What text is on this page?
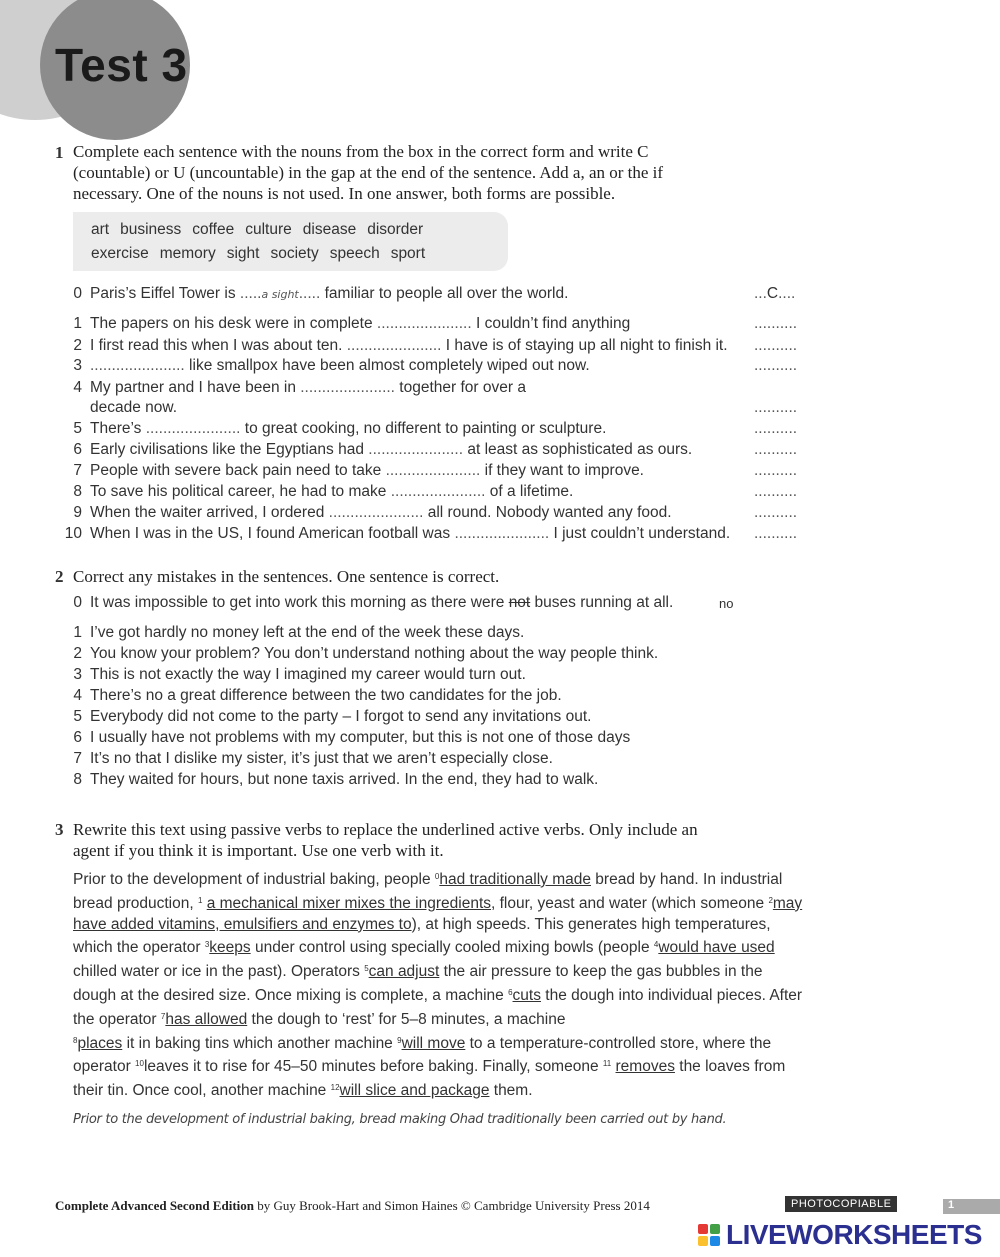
Test 3
1 Complete each sentence with the nouns from the box in the correct form and write C
(countable) or U (uncountable) in the gap at the end of the sentence. Add a, an or the if
necessary. One of the nouns is not used. In one answer, both forms are possible.
art business coffee culture disease disorder
exercise memory sight society speech sport
0 Paris’s Eiffel Tower is .....a sight..... familiar to people all over the world.	...C....
1 The papers on his desk were in complete ...................... I couldn’t find anything	..........
2 I first read this when I was about ten. ...................... I have is of staying up all night to finish it. ..........
3 ...................... like smallpox have been almost completely wiped out now.	..........
4 My partner and I have been in ...................... together for over a
decade now.	..........
5 There’s ...................... to great cooking, no different to painting or sculpture.	..........
6 Early civilisations like the Egyptians had ...................... at least as sophisticated as ours.	..........
7 People with severe back pain need to take ...................... if they want to improve.	..........
8 To save his political career, he had to make ...................... of a lifetime.	..........
9 When the waiter arrived, I ordered ...................... all round. Nobody wanted any food.	..........
10 When I was in the US, I found American football was ...................... I just couldn’t understand. ..........
2 Correct any mistakes in the sentences. One sentence is correct.
0 It was impossible to get into work this morning as there were not buses running at all.	no
1 I’ve got hardly no money left at the end of the week these days.
2 You know your problem? You don’t understand nothing about the way people think.
3 This is not exactly the way I imagined my career would turn out.
4 There’s no a great difference between the two candidates for the job.
5 Everybody did not come to the party – I forgot to send any invitations out.
6 I usually have not problems with my computer, but this is not one of those days
7 It’s no that I dislike my sister, it’s just that we aren’t especially close.
8 They waited for hours, but none taxis arrived. In the end, they had to walk.
3 Rewrite this text using passive verbs to replace the underlined active verbs. Only include an
agent if you think it is important. Use one verb with it.
Prior to the development of industrial baking, people $^0$had traditionally made bread by hand. In industrial bread production, $^1$ a mechanical mixer mixes the ingredients, flour, yeast and water (which someone $^2$may have added vitamins, emulsifiers and enzymes to), at high speeds. This generates high temperatures, which the operator $^3$keeps under control using specially cooled mixing bowls (people $^4$would have used chilled water or ice in the past). Operators $^5$can adjust the air pressure to keep the gas bubbles in the dough at the desired size. Once mixing is complete, a machine $^6$cuts the dough into individual pieces. After the operator $^7$has allowed the dough to ‘rest’ for 5–8 minutes, a machine
$^8$places it in baking tins which another machine $^9$will move to a temperature-controlled store, where the operator $^{10}$leaves it to rise for 45–50 minutes before baking. Finally, someone $^{11}$ removes the loaves from their tin. Once cool, another machine $^{12}$will slice and package them.
Prior to the development of industrial baking, bread making Ohad traditionally been carried out by hand.
Complete Advanced Second Edition by Guy Brook-Hart and Simon Haines © Cambridge University Press 2014	PHOTOCOPIABLE	1
LIVEWORKSHEETS
